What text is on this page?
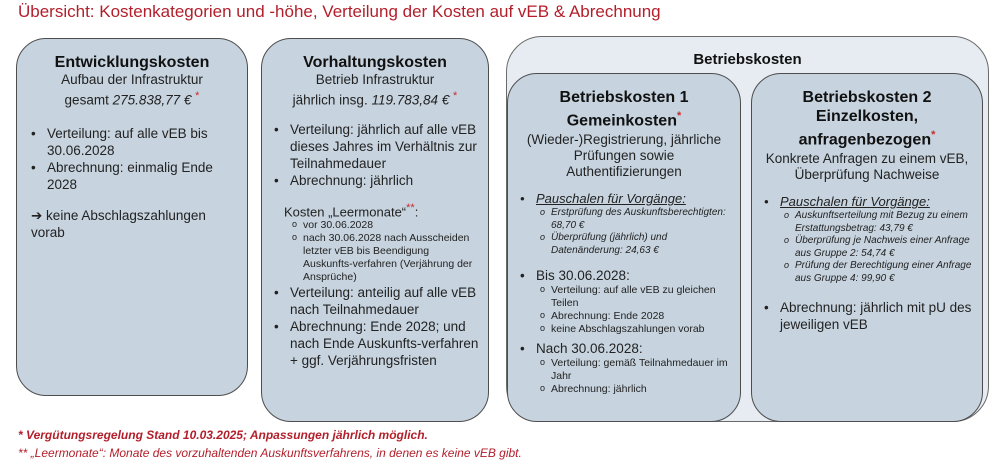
Übersicht: Kostenkategorien und -höhe, Verteilung der Kosten auf vEB & Abrechnung
Entwicklungskosten
Aufbau der Infrastruktur
gesamt 275.838,77 € *
• Verteilung: auf alle vEB bis 30.06.2028
• Abrechnung: einmalig Ende 2028
➔ keine Abschlagszahlungen vorab
Vorhaltungskosten
Betrieb Infrastruktur
jährlich insg. 119.783,84 € *
• Verteilung: jährlich auf alle vEB dieses Jahres im Verhältnis zur Teilnahmedauer
• Abrechnung: jährlich
Kosten „Leermonate“**:
o vor 30.06.2028
o nach 30.06.2028 nach Ausscheiden letzter vEB bis Beendigung Auskunfts-verfahren (Verjährung der Ansprüche)
• Verteilung: anteilig auf alle vEB nach Teilnahmedauer
• Abrechnung: Ende 2028; und nach Ende Auskunfts-verfahren + ggf. Verjährungsfristen
Betriebskosten
Betriebskosten 1
Gemeinkosten*
(Wieder-)Registrierung, jährliche Prüfungen sowie Authentifizierungen
• Pauschalen für Vorgänge:
o Erstprüfung des Auskunftsberechtigten: 68,70 €
o Überprüfung (jährlich) und Datenänderung: 24,63 €
• Bis 30.06.2028:
o Verteilung: auf alle vEB zu gleichen Teilen
o Abrechnung: Ende 2028
o keine Abschlagszahlungen vorab
• Nach 30.06.2028:
o Verteilung: gemäß Teilnahmedauer im Jahr
o Abrechnung: jährlich
Betriebskosten 2
Einzelkosten,
anfragenbezogen*
Konkrete Anfragen zu einem vEB, Überprüfung Nachweise
• Pauschalen für Vorgänge:
o Auskunftserteilung mit Bezug zu einem Erstattungsbetrag: 43,79 €
o Überprüfung je Nachweis einer Anfrage aus Gruppe 2: 54,74 €
o Prüfung der Berechtigung einer Anfrage aus Gruppe 4: 99,90 €
• Abrechnung: jährlich mit pU des jeweiligen vEB
* Vergütungsregelung Stand 10.03.2025; Anpassungen jährlich möglich.
** „Leermonate“: Monate des vorzuhaltenden Auskunftsverfahrens, in denen es keine vEB gibt.
